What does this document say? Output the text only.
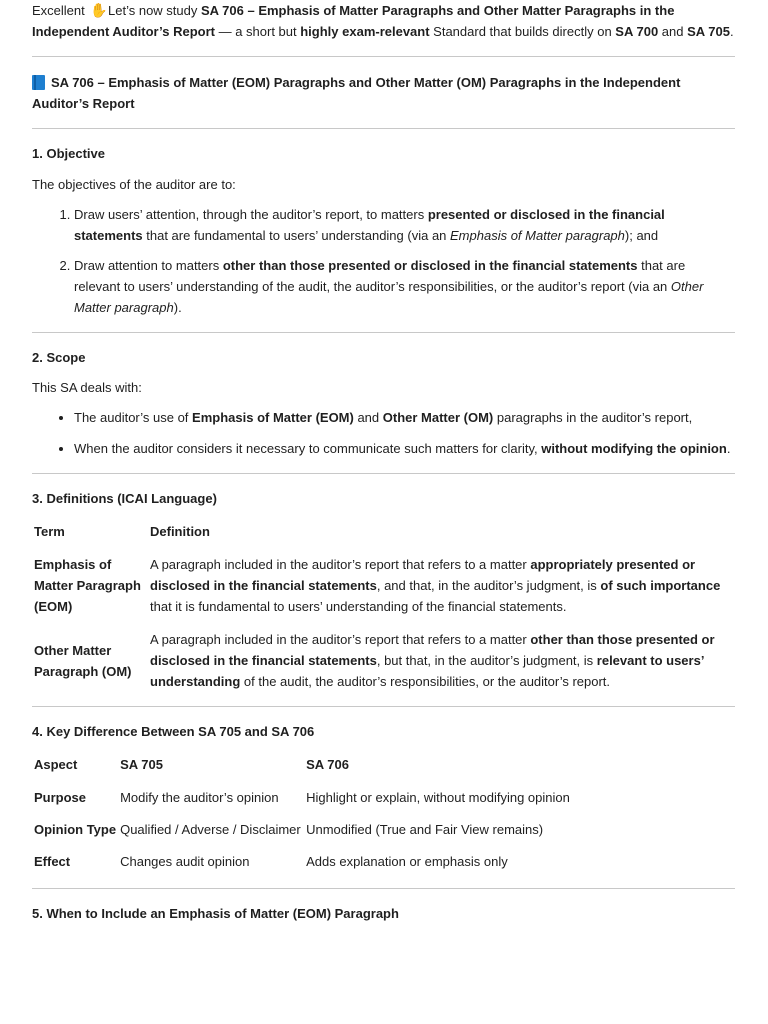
Excellent ✋ Let’s now study SA 706 – Emphasis of Matter Paragraphs and Other Matter Paragraphs in the Independent Auditor’s Report — a short but highly exam-relevant Standard that builds directly on SA 700 and SA 705.

SA 706 – Emphasis of Matter (EOM) Paragraphs and Other Matter (OM) Paragraphs in the Independent Auditor’s Report

1. Objective

The objectives of the auditor are to:

1. Draw users’ attention, through the auditor’s report, to matters presented or disclosed in the financial statements that are fundamental to users’ understanding (via an Emphasis of Matter paragraph); and
2. Draw attention to matters other than those presented or disclosed in the financial statements that are relevant to users’ understanding of the audit, the auditor’s responsibilities, or the auditor’s report (via an Other Matter paragraph).

2. Scope

This SA deals with:

• The auditor’s use of Emphasis of Matter (EOM) and Other Matter (OM) paragraphs in the auditor’s report,
• When the auditor considers it necessary to communicate such matters for clarity, without modifying the opinion.

3. Definitions (ICAI Language)

Term	Definition
Emphasis of Matter Paragraph (EOM)	A paragraph included in the auditor’s report that refers to a matter appropriately presented or disclosed in the financial statements, and that, in the auditor’s judgment, is of such importance that it is fundamental to users’ understanding of the financial statements.
Other Matter Paragraph (OM)	A paragraph included in the auditor’s report that refers to a matter other than those presented or disclosed in the financial statements, but that, in the auditor’s judgment, is relevant to users’ understanding of the audit, the auditor’s responsibilities, or the auditor’s report.

4. Key Difference Between SA 705 and SA 706

Aspect	SA 705	SA 706
Purpose	Modify the auditor’s opinion	Highlight or explain, without modifying opinion
Opinion Type	Qualified / Adverse / Disclaimer	Unmodified (True and Fair View remains)
Effect	Changes audit opinion	Adds explanation or emphasis only

5. When to Include an Emphasis of Matter (EOM) Paragraph
